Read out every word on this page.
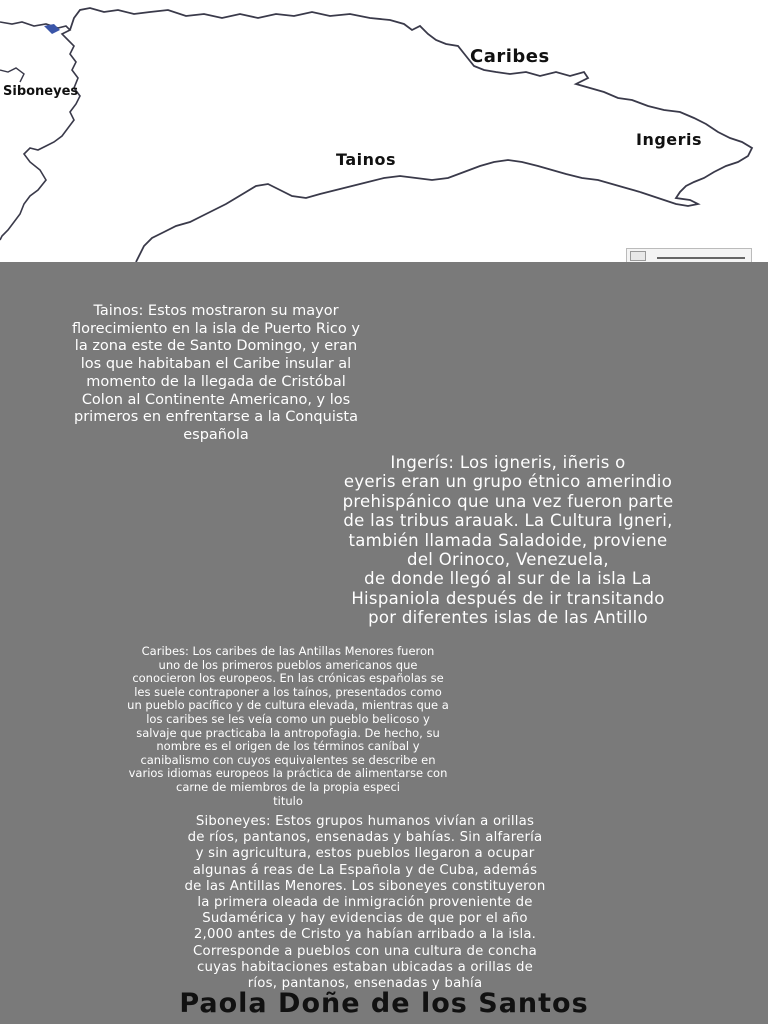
Caribes
Siboneyes
Ingeris
Tainos

Tainos: Estos mostraron su mayor
florecimiento en la isla de Puerto Rico y
la zona este de Santo Domingo, y eran
los que habitaban el Caribe insular al
momento de la llegada de Cristóbal
Colon al Continente Americano, y los
primeros en enfrentarse a la Conquista
española

Ingerís: Los igneris, iñeris o
eyeris eran un grupo étnico amerindio
prehispánico que una vez fueron parte
de las tribus arauak. La Cultura Igneri,
también llamada Saladoide, proviene
del Orinoco, Venezuela,
de donde llegó al sur de la isla La
Hispaniola después de ir transitando
por diferentes islas de las Antillo

Caribes: Los caribes de las Antillas Menores fueron
uno de los primeros pueblos americanos que
conocieron los europeos. En las crónicas españolas se
les suele contraponer a los taínos, presentados como
un pueblo pacífico y de cultura elevada, mientras que a
los caribes se les veía como un pueblo belicoso y
salvaje que practicaba la antropofagia. De hecho, su
nombre es el origen de los términos caníbal y
canibalismo con cuyos equivalentes se describe en
varios idiomas europeos la práctica de alimentarse con
carne de miembros de la propia especi
titulo

Siboneyes: Estos grupos humanos vivían a orillas
de ríos, pantanos, ensenadas y bahías. Sin alfarería
y sin agricultura, estos pueblos llegaron a ocupar
algunas á reas de La Española y de Cuba, además
de las Antillas Menores. Los siboneyes constituyeron
la primera oleada de inmigración proveniente de
Sudamérica y hay evidencias de que por el año
2,000 antes de Cristo ya habían arribado a la isla.
Corresponde a pueblos con una cultura de concha
cuyas habitaciones estaban ubicadas a orillas de
ríos, pantanos, ensenadas y bahía

Paola Doñe de los Santos
